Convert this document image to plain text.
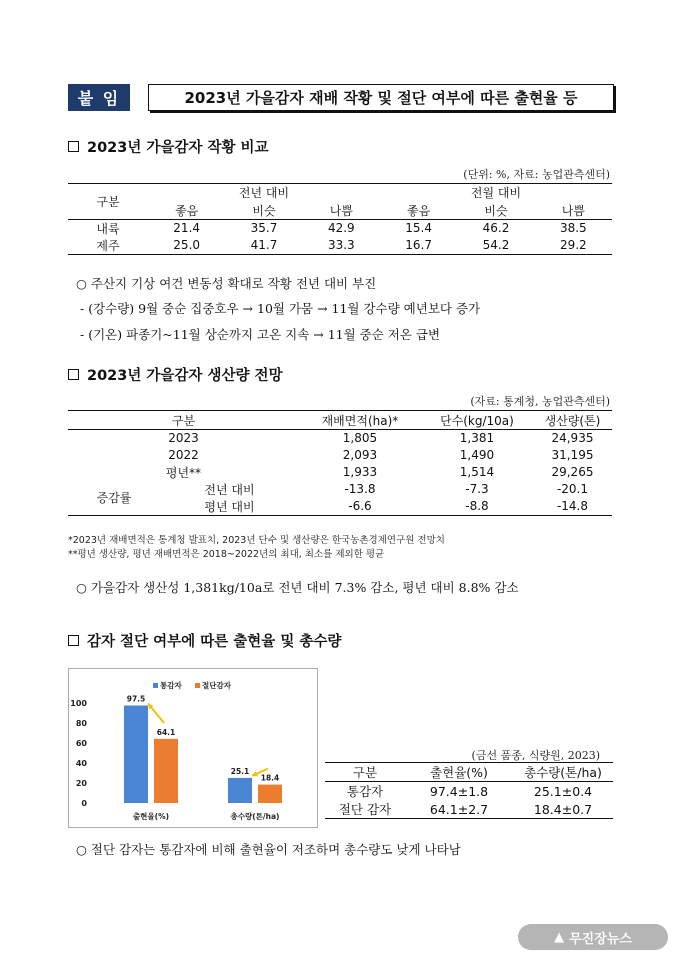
붙 임	2023년 가을감자 재배 작황 및 절단 여부에 따른 출현율 등
2023년 가을감자 작황 비교
(단위: %, 자료: 농업관측센터)
구분	전년 대비			전월 대비		
	좋음	비슷	나쁨	좋음	비슷	나쁨
내륙	21.4	35.7	42.9	15.4	46.2	38.5
제주	25.0	41.7	33.3	16.7	54.2	29.2
○ 주산지 기상 여건 변동성 확대로 작황 전년 대비 부진
- (강수량) 9월 중순 집중호우 → 10월 가뭄 → 11월 강수량 예년보다 증가
- (기온) 파종기~11월 상순까지 고온 지속 → 11월 중순 저온 급변
2023년 가을감자 생산량 전망
(자료: 통계청, 농업관측센터)
구분		재배면적(ha)*	단수(kg/10a)	생산량(톤)
2023		1,805	1,381	24,935
2022		2,093	1,490	31,195
평년**		1,933	1,514	29,265
증감률	전년 대비	-13.8	-7.3	-20.1
	평년 대비	-6.6	-8.8	-14.8
*2023년 재배면적은 통계청 발표치, 2023년 단수 및 생산량은 한국농촌경제연구원 전망치
**평년 생산량, 평년 재배면적은 2018~2022년의 최대, 최소를 제외한 평균
○ 가을감자 생산성 1,381kg/10a로 전년 대비 7.3% 감소, 평년 대비 8.8% 감소
감자 절단 여부에 따른 출현율 및 총수량
0
20
40
60
80
100
통감자	절단감자
97.5
64.1
출현율(%)
25.1
18.4
총수량(톤/ha)
(금선 품종, 식량원, 2023)
구분	출현율(%)	총수량(톤/ha)
통감자	97.4±1.8	25.1±0.4
절단 감자	64.1±2.7	18.4±0.7
○ 절단 감자는 통감자에 비해 출현율이 저조하며 총수량도 낮게 나타남
▲ 무진장뉴스
